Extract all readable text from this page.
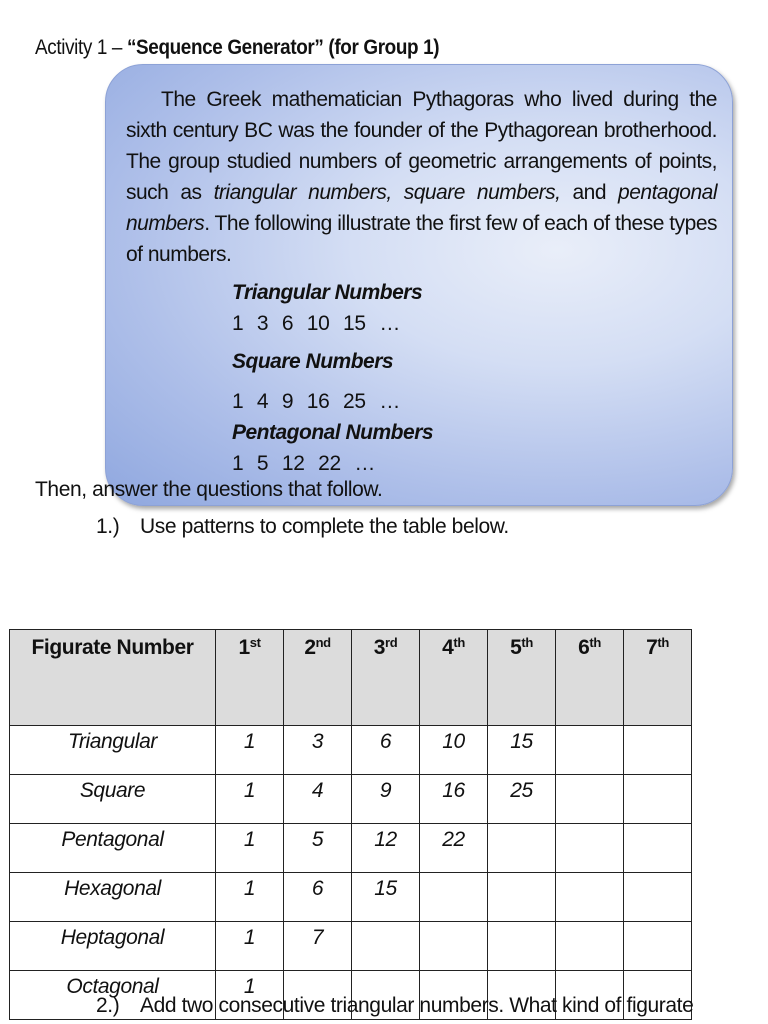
Activity 1 – “Sequence Generator” (for Group 1)
The Greek mathematician Pythagoras who lived during the sixth century BC was the founder of the Pythagorean brotherhood. The group studied numbers of geometric arrangements of points, such as triangular numbers, square numbers, and pentagonal numbers. The following illustrate the first few of each of these types of numbers.
Triangular Numbers
1 3 6 10 15 …
Square Numbers
1 4 9 16 25 …
Pentagonal Numbers
1 5 12 22 …
Then, answer the questions that follow.
1.) Use patterns to complete the table below.
Figurate Number	1st	2nd	3rd	4th	5th	6th	7th
Triangular	1	3	6	10	15		
Square	1	4	9	16	25		
Pentagonal	1	5	12	22			
Hexagonal	1	6	15				
Heptagonal	1	7					
Octagonal	1						
2.) Add two consecutive triangular numbers. What kind of figurate
